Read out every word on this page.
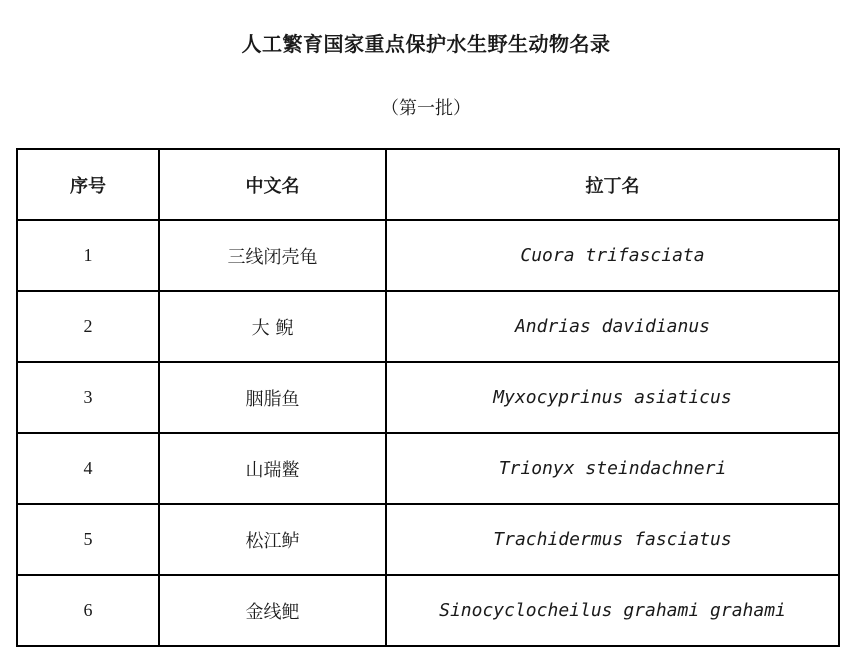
人工繁育国家重点保护水生野生动物名录
（第一批）
序号	中文名	拉丁名
1	三线闭壳龟	Cuora trifasciata
2	大 鲵	Andrias davidianus
3	胭脂鱼	Myxocyprinus asiaticus
4	山瑞鳖	Trionyx steindachneri
5	松江鲈	Trachidermus fasciatus
6	金线鲃	Sinocyclocheilus grahami grahami
